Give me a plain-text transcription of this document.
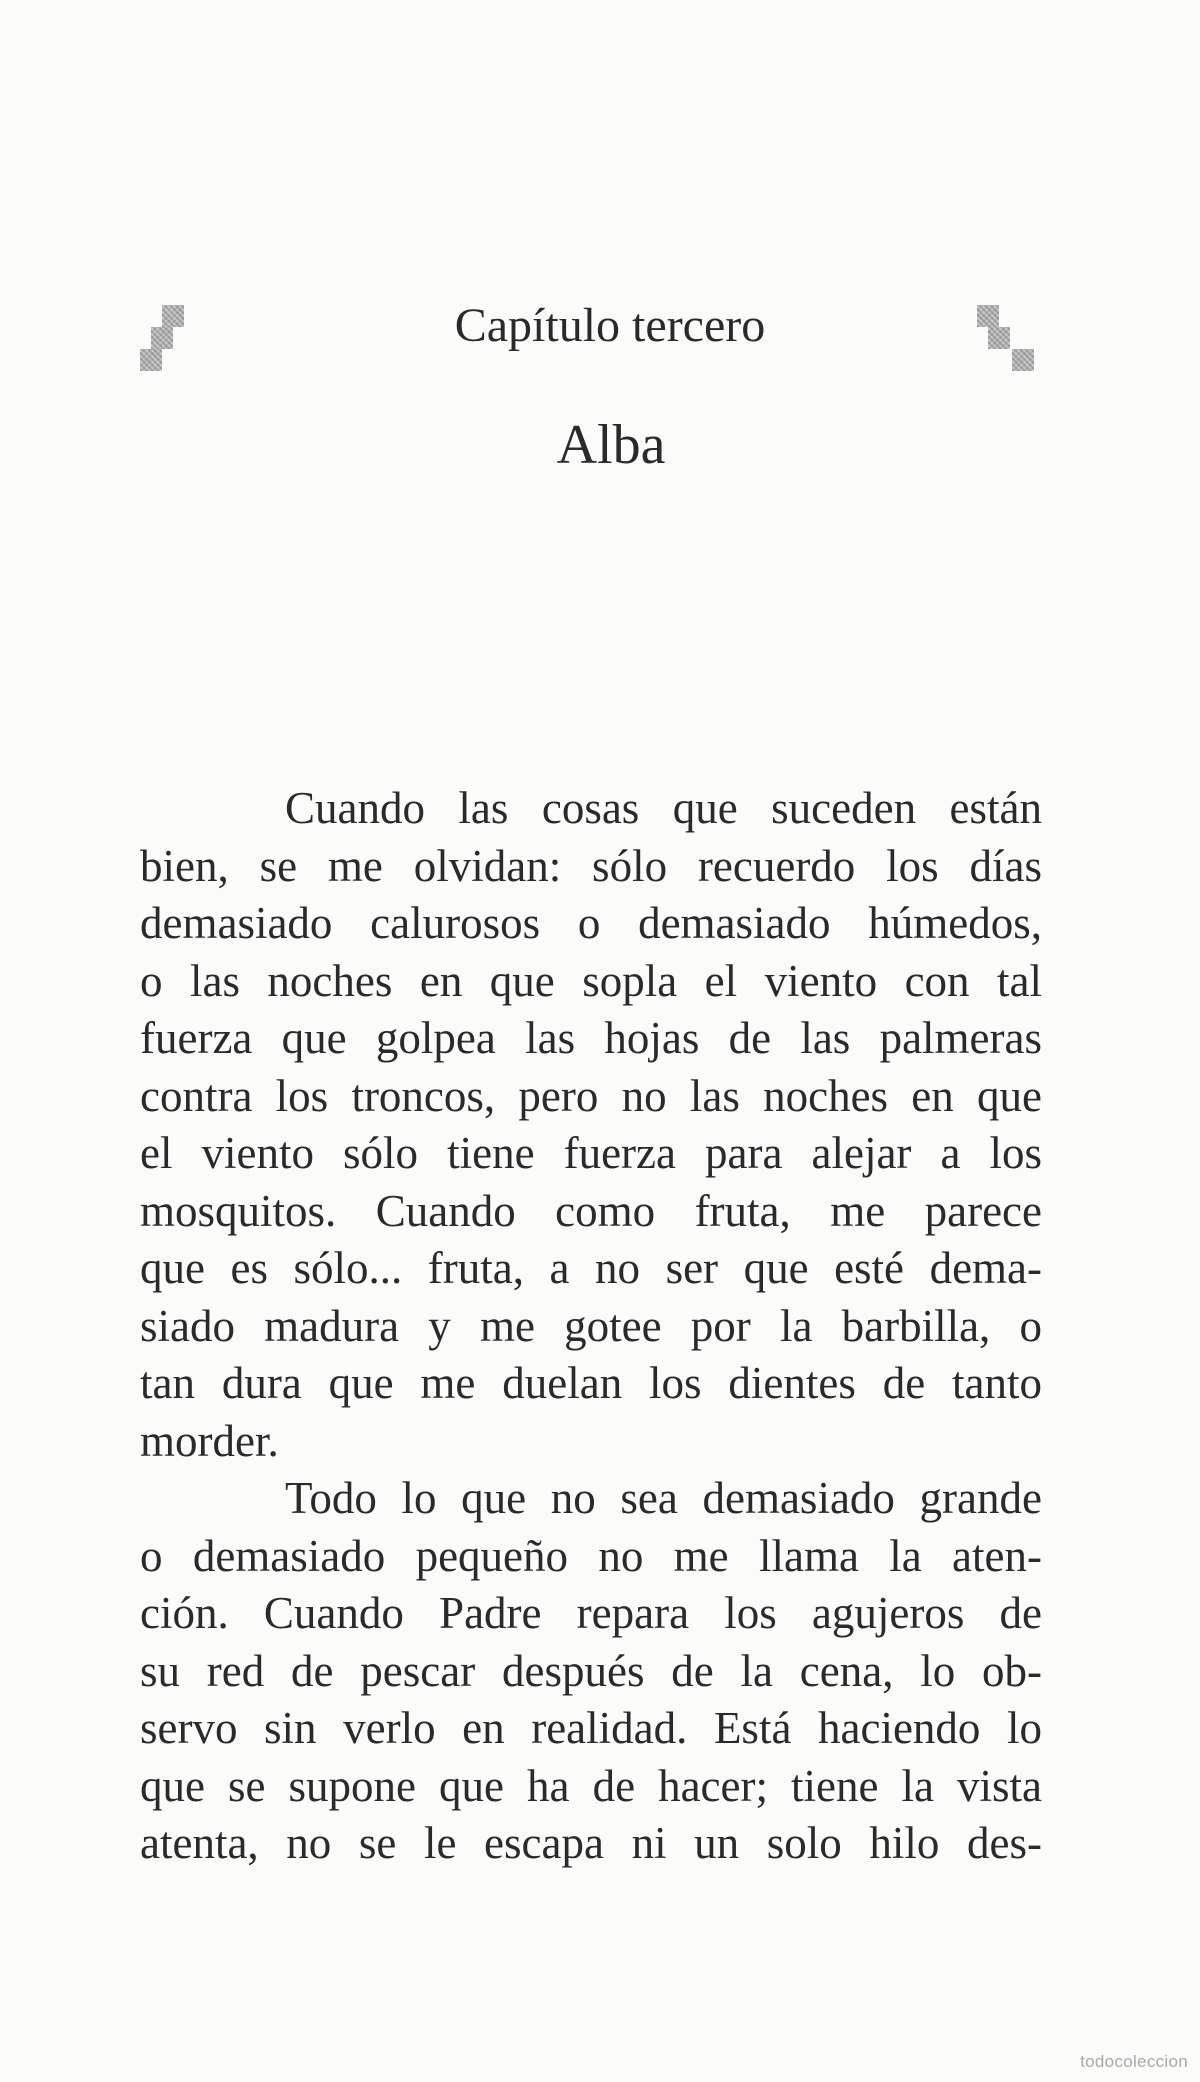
Capítulo tercero
Alba
Cuando las cosas que suceden están
bien, se me olvidan: sólo recuerdo los días
demasiado calurosos o demasiado húmedos,
o las noches en que sopla el viento con tal
fuerza que golpea las hojas de las palmeras
contra los troncos, pero no las noches en que
el viento sólo tiene fuerza para alejar a los
mosquitos. Cuando como fruta, me parece
que es sólo... fruta, a no ser que esté dema-
siado madura y me gotee por la barbilla, o
tan dura que me duelan los dientes de tanto
morder.
Todo lo que no sea demasiado grande
o demasiado pequeño no me llama la aten-
ción. Cuando Padre repara los agujeros de
su red de pescar después de la cena, lo ob-
servo sin verlo en realidad. Está haciendo lo
que se supone que ha de hacer; tiene la vista
atenta, no se le escapa ni un solo hilo des-
todocoleccion
